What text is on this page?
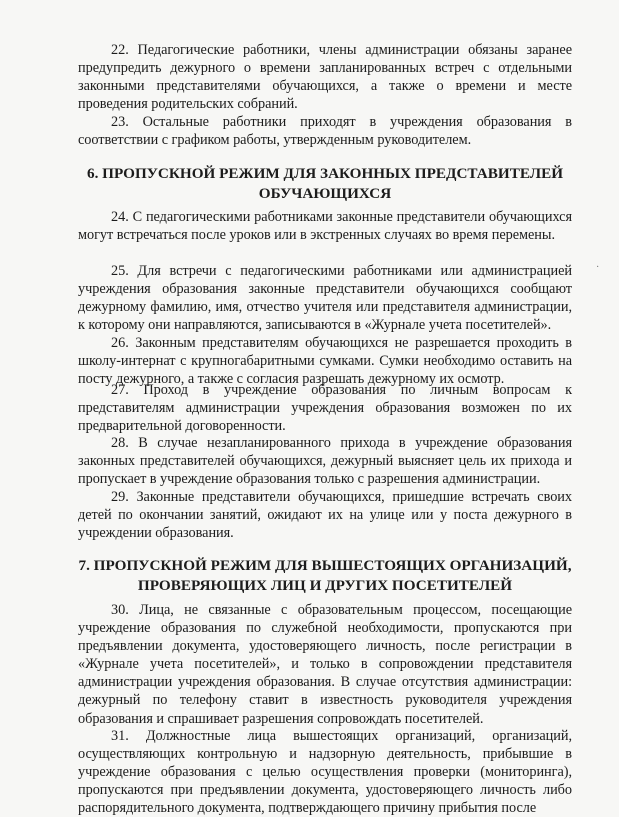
22. Педагогические работники, члены администрации обязаны заранее предупредить дежурного о времени запланированных встреч с отдельными законными представителями обучающихся, а также о времени и месте проведения родительских собраний.
23. Остальные работники приходят в учреждения образования в соответствии с графиком работы, утвержденным руководителем.
6. ПРОПУСКНОЙ РЕЖИМ ДЛЯ ЗАКОННЫХ ПРЕДСТАВИТЕЛЕЙ ОБУЧАЮЩИХСЯ
24. С педагогическими работниками законные представители обучающихся могут встречаться после уроков или в экстренных случаях во время перемены.
25. Для встречи с педагогическими работниками или администрацией учреждения образования законные представители обучающихся сообщают дежурному фамилию, имя, отчество учителя или представителя администрации, к которому они направляются, записываются в «Журнале учета посетителей».
26. Законным представителям обучающихся не разрешается проходить в школу-интернат с крупногабаритными сумками. Сумки необходимо оставить на посту дежурного, а также с согласия разрешать дежурному их осмотр.
27. Проход в учреждение образования по личным вопросам к представителям администрации учреждения образования возможен по их предварительной договоренности.
28. В случае незапланированного прихода в учреждение образования законных представителей обучающихся, дежурный выясняет цель их прихода и пропускает в учреждение образования только с разрешения администрации.
29. Законные представители обучающихся, пришедшие встречать своих детей по окончании занятий, ожидают их на улице или у поста дежурного в учреждении образования.
7. ПРОПУСКНОЙ РЕЖИМ ДЛЯ ВЫШЕСТОЯЩИХ ОРГАНИЗАЦИЙ, ПРОВЕРЯЮЩИХ ЛИЦ И ДРУГИХ ПОСЕТИТЕЛЕЙ
30. Лица, не связанные с образовательным процессом, посещающие учреждение образования по служебной необходимости, пропускаются при предъявлении документа, удостоверяющего личность, после регистрации в «Журнале учета посетителей», и только в сопровождении представителя администрации учреждения образования. В случае отсутствия администрации: дежурный по телефону ставит в известность руководителя учреждения образования и спрашивает разрешения сопровождать посетителей.
31. Должностные лица вышестоящих организаций, организаций, осуществляющих контрольную и надзорную деятельность, прибывшие в учреждение образования с целью осуществления проверки (мониторинга), пропускаются при предъявлении документа, удостоверяющего личность либо распорядительного документа, подтверждающего причину прибытия после
·
